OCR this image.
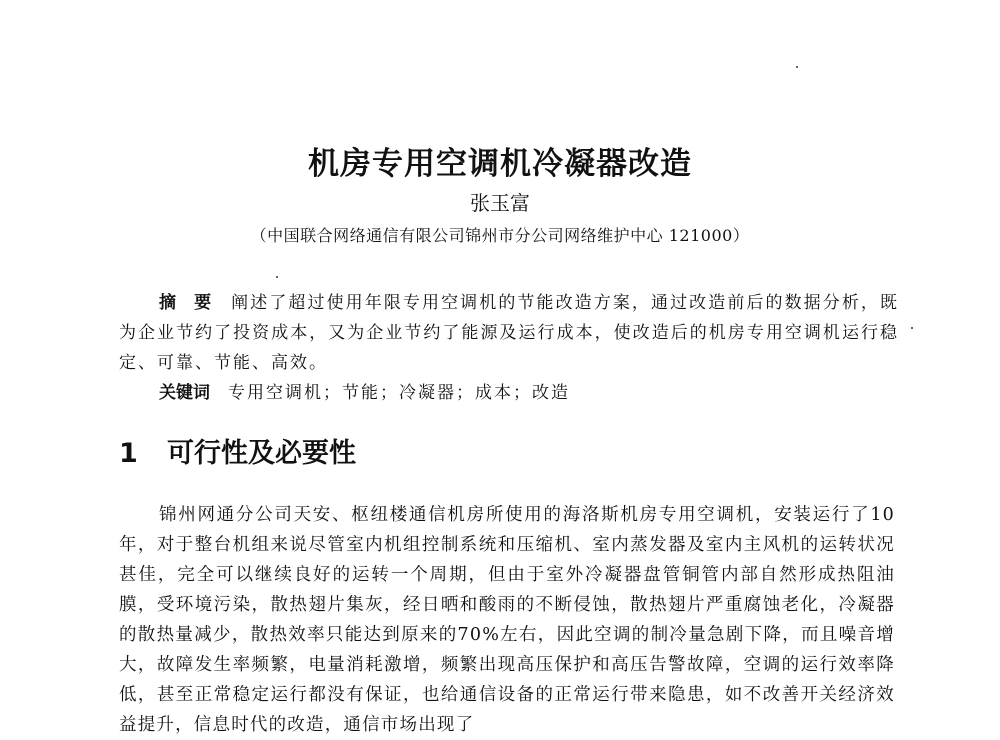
机房专用空调机冷凝器改造
张玉富
（中国联合网络通信有限公司锦州市分公司网络维护中心 121000）
摘 要 阐述了超过使用年限专用空调机的节能改造方案，通过改造前后的数据分析，既为企业节约了投资成本，又为企业节约了能源及运行成本，使改造后的机房专用空调机运行稳定、可靠、节能、高效。
关键词 专用空调机；节能；冷凝器；成本；改造
1 可行性及必要性

锦州网通分公司天安、枢纽楼通信机房所使用的海洛斯机房专用空调机，安装运行了10年，对于整台机组来说尽管室内机组控制系统和压缩机、室内蒸发器及室内主风机的运转状况甚佳，完全可以继续良好的运转一个周期，但由于室外冷凝器盘管铜管内部自然形成热阻油膜，受环境污染，散热翅片集灰，经日晒和酸雨的不断侵蚀，散热翅片严重腐蚀老化，冷凝器的散热量减少，散热效率只能达到原来的70%左右，因此空调的制冷量急剧下降，而且噪音增大，故障发生率频繁，电量消耗激增，频繁出现高压保护和高压告警故障，空调的运行效率降低，甚至正常稳定运行都没有保证，也给通信设备的正常运行带来隐患，如不改善开关经济效益提升，信息时代的改造，通信市场出现了
